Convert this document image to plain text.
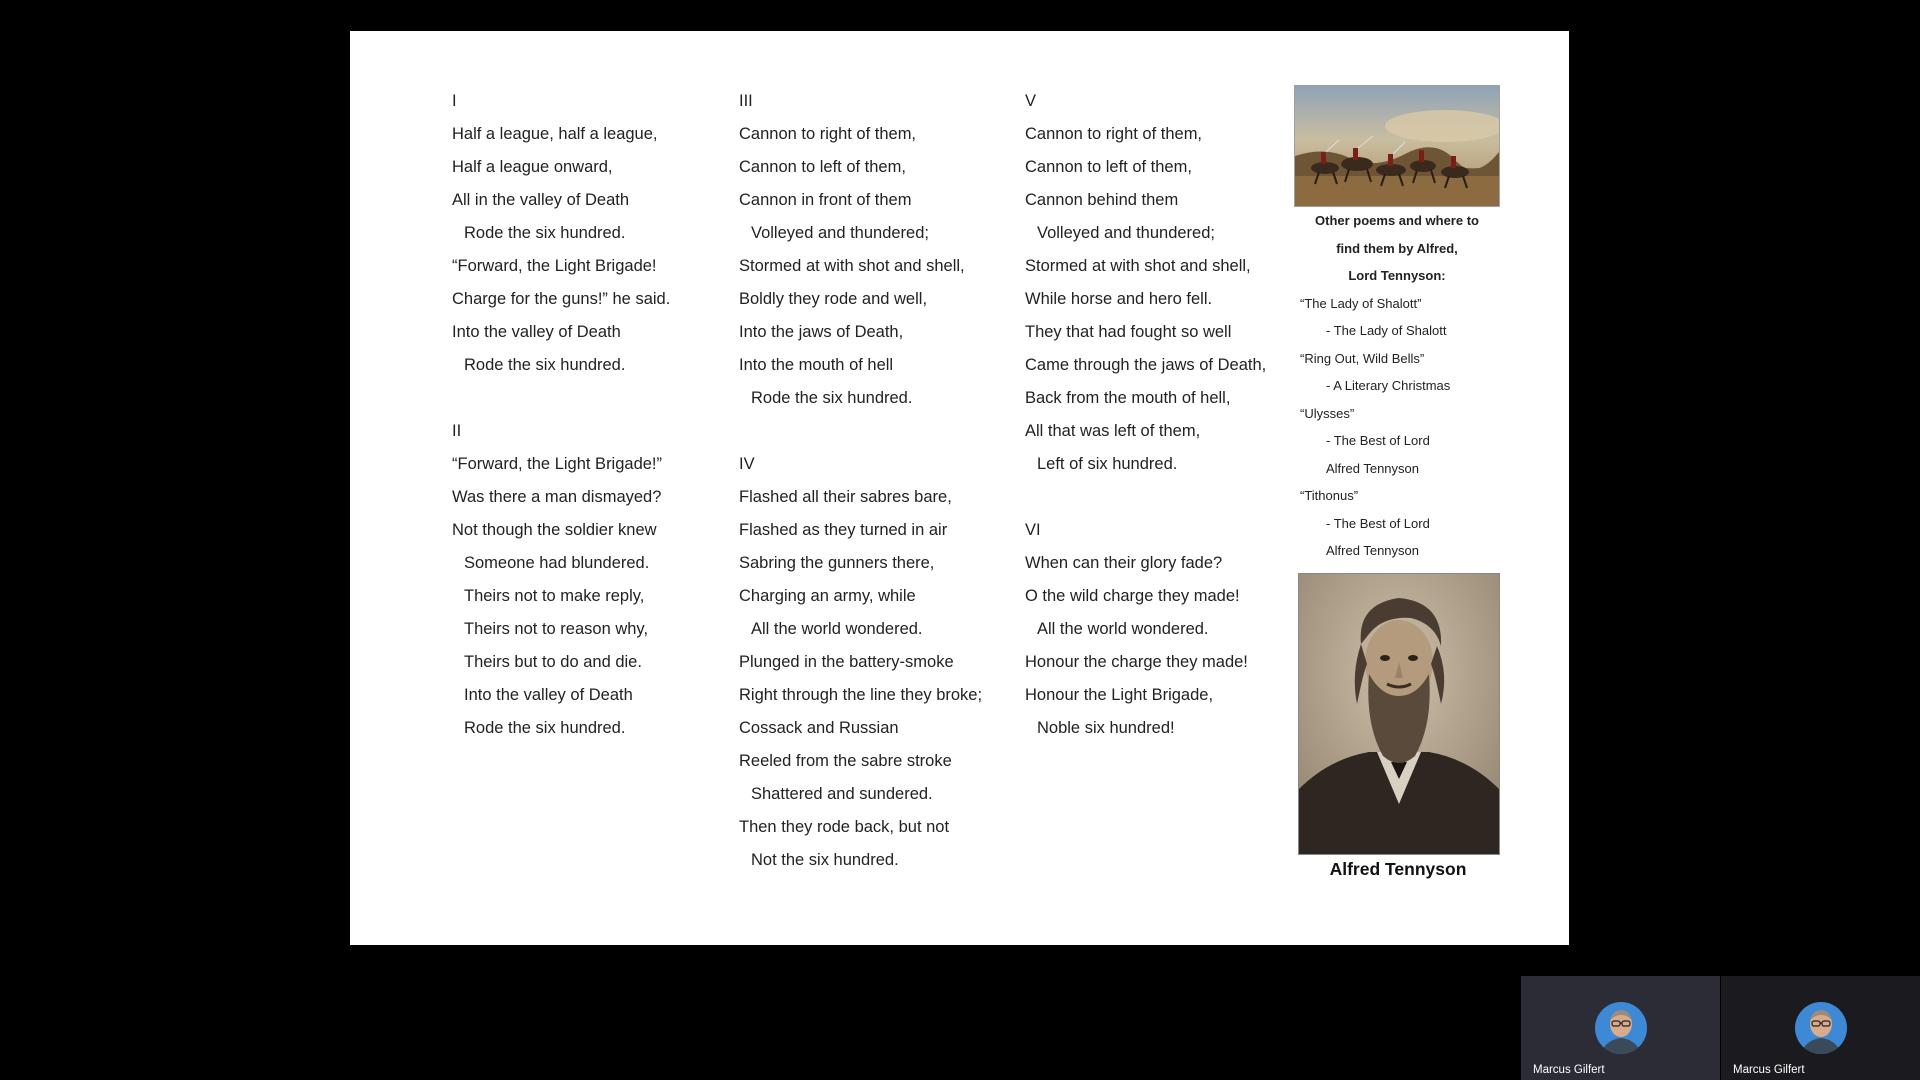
I
Half a league, half a league,
Half a league onward,
All in the valley of Death
Rode the six hundred.
“Forward, the Light Brigade!
Charge for the guns!” he said.
Into the valley of Death
Rode the six hundred.
II
“Forward, the Light Brigade!”
Was there a man dismayed?
Not though the soldier knew
Someone had blundered.
Theirs not to make reply,
Theirs not to reason why,
Theirs but to do and die.
Into the valley of Death
Rode the six hundred.
III
Cannon to right of them,
Cannon to left of them,
Cannon in front of them
Volleyed and thundered;
Stormed at with shot and shell,
Boldly they rode and well,
Into the jaws of Death,
Into the mouth of hell
Rode the six hundred.
IV
Flashed all their sabres bare,
Flashed as they turned in air
Sabring the gunners there,
Charging an army, while
All the world wondered.
Plunged in the battery-smoke
Right through the line they broke;
Cossack and Russian
Reeled from the sabre stroke
Shattered and sundered.
Then they rode back, but not
Not the six hundred.
V
Cannon to right of them,
Cannon to left of them,
Cannon behind them
Volleyed and thundered;
Stormed at with shot and shell,
While horse and hero fell.
They that had fought so well
Came through the jaws of Death,
Back from the mouth of hell,
All that was left of them,
Left of six hundred.
VI
When can their glory fade?
O the wild charge they made!
All the world wondered.
Honour the charge they made!
Honour the Light Brigade,
Noble six hundred!
Other poems and where to
find them by Alfred,
Lord Tennyson:
“The Lady of Shalott”
- The Lady of Shalott
“Ring Out, Wild Bells”
- A Literary Christmas
“Ulysses”
- The Best of Lord
Alfred Tennyson
“Tithonus”
- The Best of Lord
Alfred Tennyson
Alfred Tennyson
Marcus Gilfert	Marcus Gilfert
